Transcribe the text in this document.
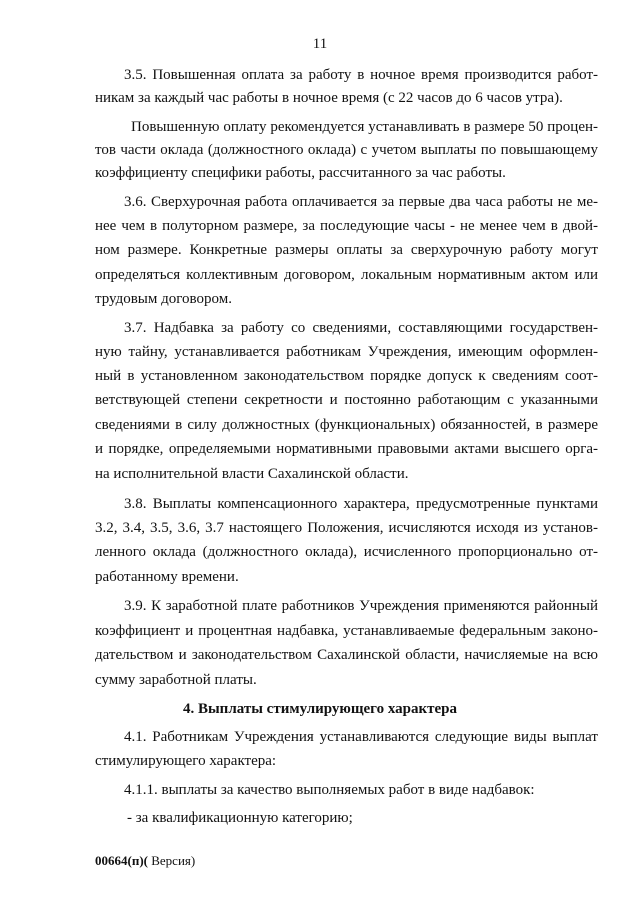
11
3.5. Повышенная оплата за работу в ночное время производится работ-
никам за каждый час работы в ночное время (с 22 часов до 6 часов утра).
Повышенную оплату рекомендуется устанавливать в размере 50 процен-
тов части оклада (должностного оклада) с учетом выплаты по повышающему
коэффициенту специфики работы, рассчитанного за час работы.
3.6. Сверхурочная работа оплачивается за первые два часа работы не ме-
нее чем в полуторном размере, за последующие часы - не менее чем в двой-
ном размере. Конкретные размеры оплаты за сверхурочную работу могут
определяться коллективным договором, локальным нормативным актом или
трудовым договором.
3.7. Надбавка за работу со сведениями, составляющими государствен-
ную тайну, устанавливается работникам Учреждения, имеющим оформлен-
ный в установленном законодательством порядке допуск к сведениям соот-
ветствующей степени секретности и постоянно работающим с указанными
сведениями в силу должностных (функциональных) обязанностей, в размере
и порядке, определяемыми нормативными правовыми актами высшего орга-
на исполнительной власти Сахалинской области.
3.8. Выплаты компенсационного характера, предусмотренные пунктами
3.2, 3.4, 3.5, 3.6, 3.7 настоящего Положения, исчисляются исходя из установ-
ленного оклада (должностного оклада), исчисленного пропорционально от-
работанному времени.
3.9. К заработной плате работников Учреждения применяются районный
коэффициент и процентная надбавка, устанавливаемые федеральным законо-
дательством и законодательством Сахалинской области, начисляемые на всю
сумму заработной платы.
4. Выплаты стимулирующего характера
4.1. Работникам Учреждения устанавливаются следующие виды выплат
стимулирующего характера:
4.1.1. выплаты за качество выполняемых работ в виде надбавок:
- за квалификационную категорию;
00664(п)( Версия)
